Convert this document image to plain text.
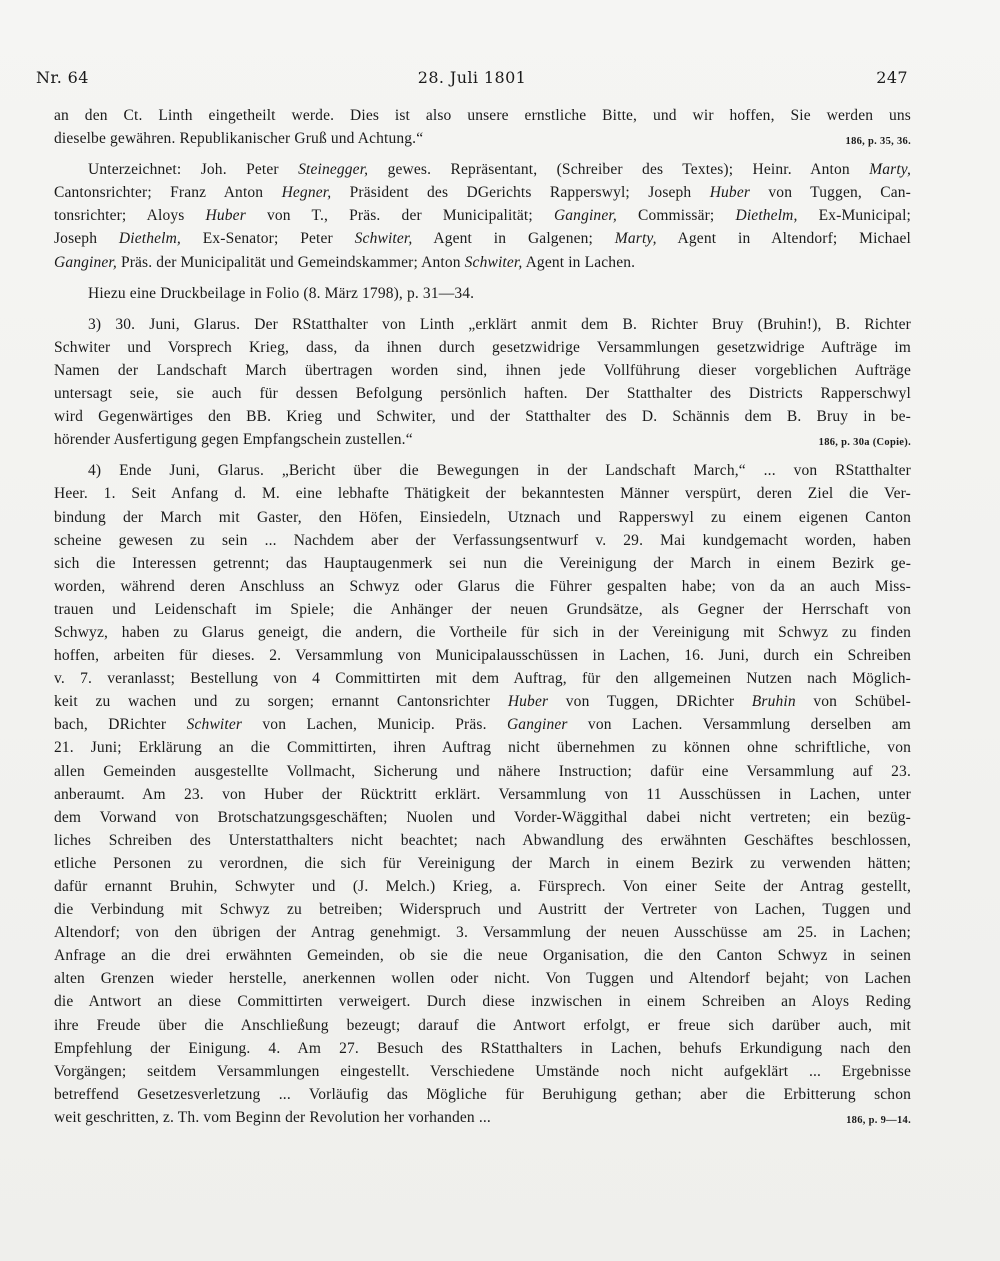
Nr. 64	28. Juli 1801	247
an den Ct. Linth eingetheilt werde. Dies ist also unsere ernstliche Bitte, und wir hoffen, Sie werden uns
dieselbe gewähren. Republikanischer Gruß und Achtung.“	186, p. 35, 36.
Unterzeichnet: Joh. Peter Steinegger, gewes. Repräsentant, (Schreiber des Textes); Heinr. Anton Marty,
Cantonsrichter; Franz Anton Hegner, Präsident des DGerichts Rapperswyl; Joseph Huber von Tuggen, Can-
tonsrichter; Aloys Huber von T., Präs. der Municipalität; Ganginer, Commissär; Diethelm, Ex-Municipal;
Joseph Diethelm, Ex-Senator; Peter Schwiter, Agent in Galgenen; Marty, Agent in Altendorf; Michael
Ganginer, Präs. der Municipalität und Gemeindskammer; Anton Schwiter, Agent in Lachen.
Hiezu eine Druckbeilage in Folio (8. März 1798), p. 31—34.
3) 30. Juni, Glarus. Der RStatthalter von Linth „erklärt anmit dem B. Richter Bruy (Bruhin!), B. Richter
Schwiter und Vorsprech Krieg, dass, da ihnen durch gesetzwidrige Versammlungen gesetzwidrige Aufträge im
Namen der Landschaft March übertragen worden sind, ihnen jede Vollführung dieser vorgeblichen Aufträge
untersagt seie, sie auch für dessen Befolgung persönlich haften. Der Statthalter des Districts Rapperschwyl
wird Gegenwärtiges den BB. Krieg und Schwiter, und der Statthalter des D. Schännis dem B. Bruy in be-
hörender Ausfertigung gegen Empfangschein zustellen.“	186, p. 30a (Copie).
4) Ende Juni, Glarus. „Bericht über die Bewegungen in der Landschaft March,“ ... von RStatthalter
Heer. 1. Seit Anfang d. M. eine lebhafte Thätigkeit der bekanntesten Männer verspürt, deren Ziel die Ver-
bindung der March mit Gaster, den Höfen, Einsiedeln, Utznach und Rapperswyl zu einem eigenen Canton
scheine gewesen zu sein ... Nachdem aber der Verfassungsentwurf v. 29. Mai kundgemacht worden, haben
sich die Interessen getrennt; das Hauptaugenmerk sei nun die Vereinigung der March in einem Bezirk ge-
worden, während deren Anschluss an Schwyz oder Glarus die Führer gespalten habe; von da an auch Miss-
trauen und Leidenschaft im Spiele; die Anhänger der neuen Grundsätze, als Gegner der Herrschaft von
Schwyz, haben zu Glarus geneigt, die andern, die Vortheile für sich in der Vereinigung mit Schwyz zu finden
hoffen, arbeiten für dieses. 2. Versammlung von Municipalausschüssen in Lachen, 16. Juni, durch ein Schreiben
v. 7. veranlasst; Bestellung von 4 Committirten mit dem Auftrag, für den allgemeinen Nutzen nach Möglich-
keit zu wachen und zu sorgen; ernannt Cantonsrichter Huber von Tuggen, DRichter Bruhin von Schübel-
bach, DRichter Schwiter von Lachen, Municip. Präs. Ganginer von Lachen. Versammlung derselben am
21. Juni; Erklärung an die Committirten, ihren Auftrag nicht übernehmen zu können ohne schriftliche, von
allen Gemeinden ausgestellte Vollmacht, Sicherung und nähere Instruction; dafür eine Versammlung auf 23.
anberaumt. Am 23. von Huber der Rücktritt erklärt. Versammlung von 11 Ausschüssen in Lachen, unter
dem Vorwand von Brotschatzungsgeschäften; Nuolen und Vorder-Wäggithal dabei nicht vertreten; ein bezüg-
liches Schreiben des Unterstatthalters nicht beachtet; nach Abwandlung des erwähnten Geschäftes beschlossen,
etliche Personen zu verordnen, die sich für Vereinigung der March in einem Bezirk zu verwenden hätten;
dafür ernannt Bruhin, Schwyter und (J. Melch.) Krieg, a. Fürsprech. Von einer Seite der Antrag gestellt,
die Verbindung mit Schwyz zu betreiben; Widerspruch und Austritt der Vertreter von Lachen, Tuggen und
Altendorf; von den übrigen der Antrag genehmigt. 3. Versammlung der neuen Ausschüsse am 25. in Lachen;
Anfrage an die drei erwähnten Gemeinden, ob sie die neue Organisation, die den Canton Schwyz in seinen
alten Grenzen wieder herstelle, anerkennen wollen oder nicht. Von Tuggen und Altendorf bejaht; von Lachen
die Antwort an diese Committirten verweigert. Durch diese inzwischen in einem Schreiben an Aloys Reding
ihre Freude über die Anschließung bezeugt; darauf die Antwort erfolgt, er freue sich darüber auch, mit
Empfehlung der Einigung. 4. Am 27. Besuch des RStatthalters in Lachen, behufs Erkundigung nach den
Vorgängen; seitdem Versammlungen eingestellt. Verschiedene Umstände noch nicht aufgeklärt ... Ergebnisse
betreffend Gesetzesverletzung ... Vorläufig das Mögliche für Beruhigung gethan; aber die Erbitterung schon
weit geschritten, z. Th. vom Beginn der Revolution her vorhanden ...	186, p. 9—14.
